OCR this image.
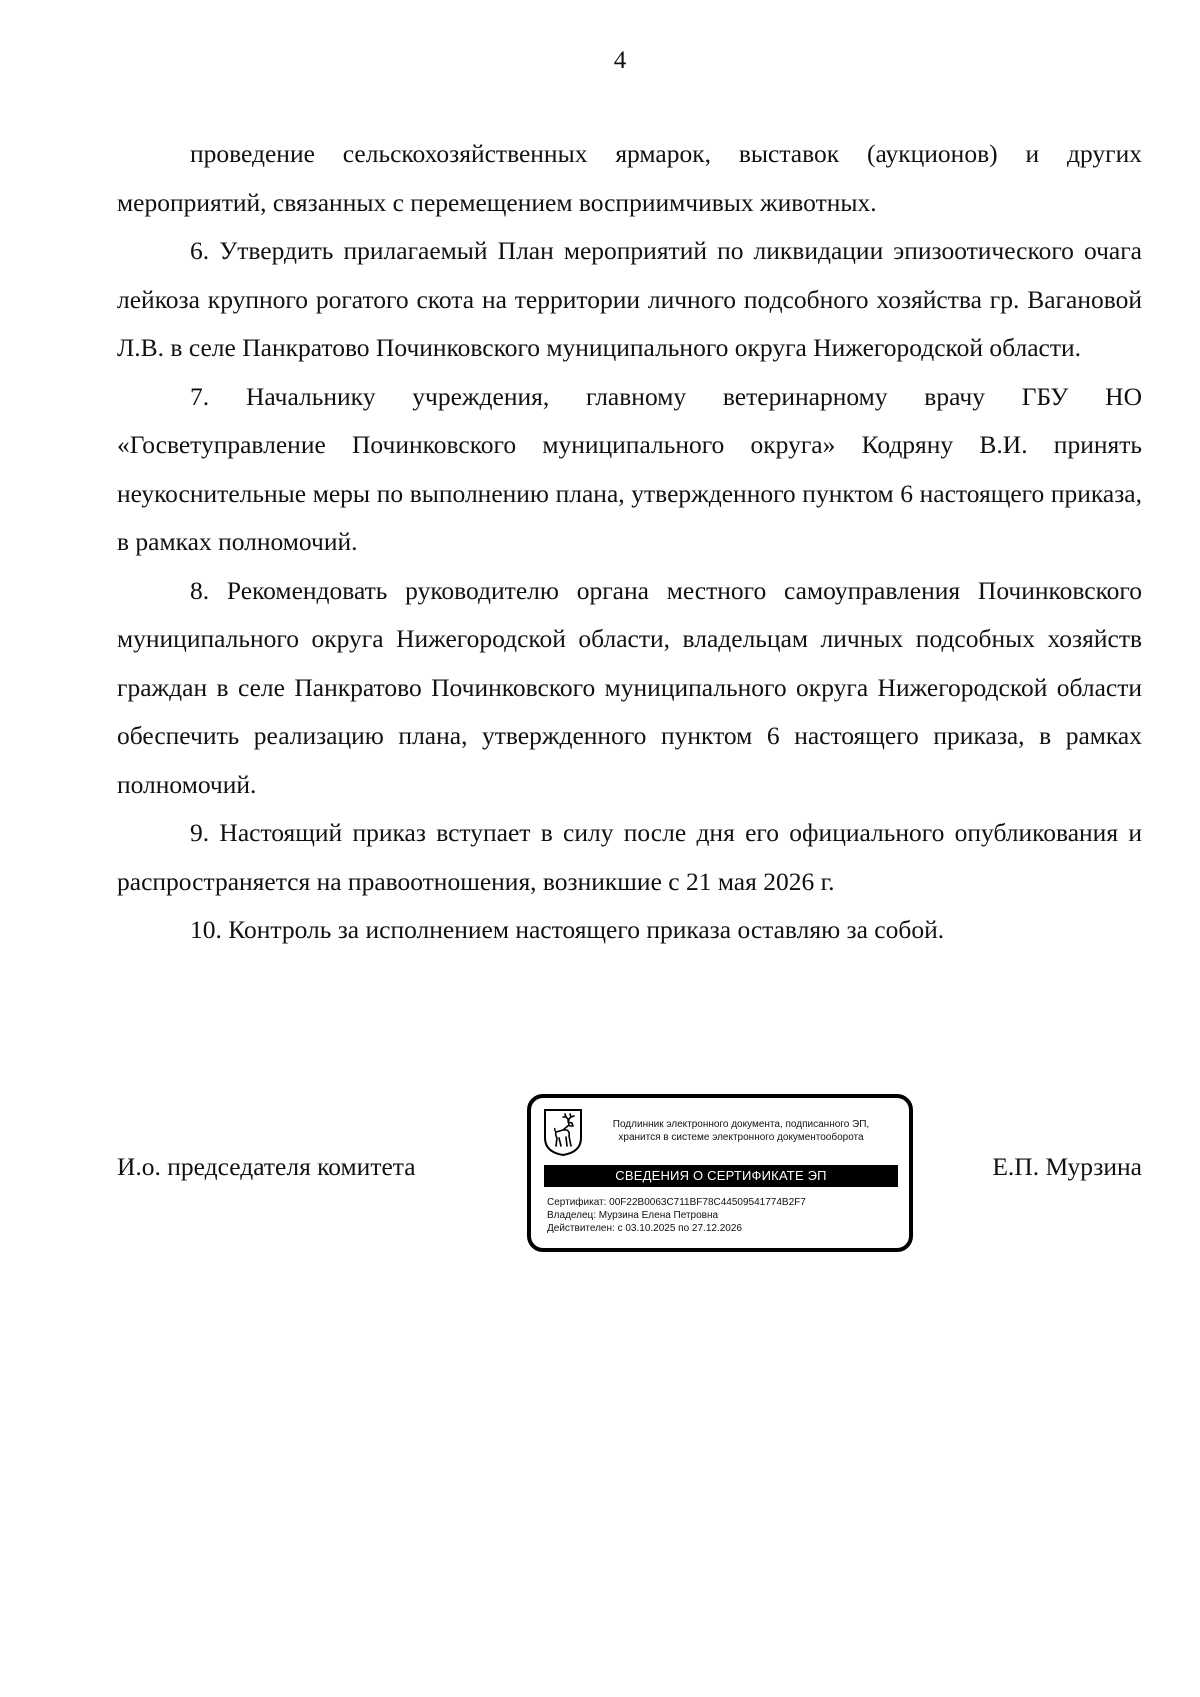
4

проведение сельскохозяйственных ярмарок, выставок (аукционов) и других мероприятий, связанных с перемещением восприимчивых животных.

6. Утвердить прилагаемый План мероприятий по ликвидации эпизоотического очага лейкоза крупного рогатого скота на территории личного подсобного хозяйства гр. Вагановой Л.В. в селе Панкратово Починковского муниципального округа Нижегородской области.

7. Начальнику учреждения, главному ветеринарному врачу ГБУ НО «Госветуправление Починковского муниципального округа» Кодряну В.И. принять неукоснительные меры по выполнению плана, утвержденного пунктом 6 настоящего приказа, в рамках полномочий.

8. Рекомендовать руководителю органа местного самоуправления Починковского муниципального округа Нижегородской области, владельцам личных подсобных хозяйств граждан в селе Панкратово Починковского муниципального округа Нижегородской области обеспечить реализацию плана, утвержденного пунктом 6 настоящего приказа, в рамках полномочий.

9. Настоящий приказ вступает в силу после дня его официального опубликования и распространяется на правоотношения, возникшие с 21 мая 2026 г.

10. Контроль за исполнением настоящего приказа оставляю за собой.

И.о. председателя комитета
Подлинник электронного документа, подписанного ЭП,
хранится в системе электронного документооборота
СВЕДЕНИЯ О СЕРТИФИКАТЕ ЭП
Сертификат: 00F22B0063C711BF78C44509541774B2F7
Владелец: Мурзина Елена Петровна
Действителен: с 03.10.2025 по 27.12.2026
Е.П. Мурзина
